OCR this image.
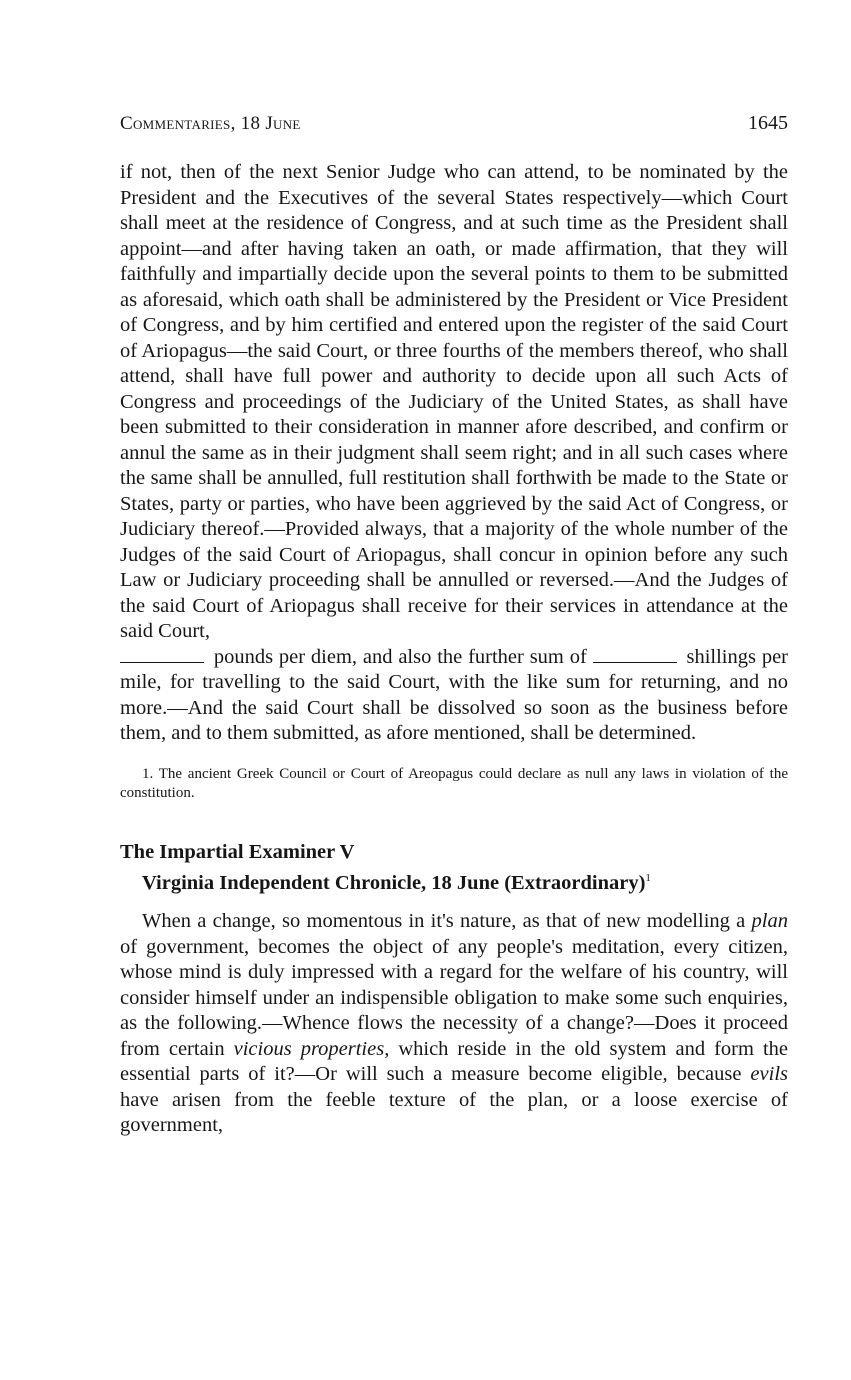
Commentaries, 18 June	1645

if not, then of the next Senior Judge who can attend, to be nominated by the President and the Executives of the several States respectively—which Court shall meet at the residence of Congress, and at such time as the President shall appoint—and after having taken an oath, or made affirmation, that they will faithfully and impartially decide upon the several points to them to be submitted as aforesaid, which oath shall be administered by the President or Vice President of Congress, and by him certified and entered upon the register of the said Court of Ariopagus—the said Court, or three fourths of the members thereof, who shall attend, shall have full power and authority to decide upon all such Acts of Congress and proceedings of the Judiciary of the United States, as shall have been submitted to their consideration in manner afore described, and confirm or annul the same as in their judgment shall seem right; and in all such cases where the same shall be annulled, full restitution shall forthwith be made to the State or States, party or parties, who have been aggrieved by the said Act of Congress, or Judiciary thereof.—Provided always, that a majority of the whole number of the Judges of the said Court of Ariopagus, shall concur in opinion before any such Law or Judiciary proceeding shall be annulled or reversed.—And the Judges of the said Court of Ariopagus shall receive for their services in attendance at the said Court,
pounds per diem, and also the further sum of	shillings per mile, for travelling to the said Court, with the like sum for returning, and no more.—And the said Court shall be dissolved so soon as the business before them, and to them submitted, as afore mentioned, shall be determined.

1. The ancient Greek Council or Court of Areopagus could declare as null any laws in violation of the constitution.

The Impartial Examiner V
Virginia Independent Chronicle, 18 June (Extraordinary)$^1$

When a change, so momentous in it's nature, as that of new modelling a plan of government, becomes the object of any people's meditation, every citizen, whose mind is duly impressed with a regard for the welfare of his country, will consider himself under an indispensible obligation to make some such enquiries, as the following.—Whence flows the necessity of a change?—Does it proceed from certain vicious properties, which reside in the old system and form the essential parts of it?—Or will such a measure become eligible, because evils have arisen from the feeble texture of the plan, or a loose exercise of government,
